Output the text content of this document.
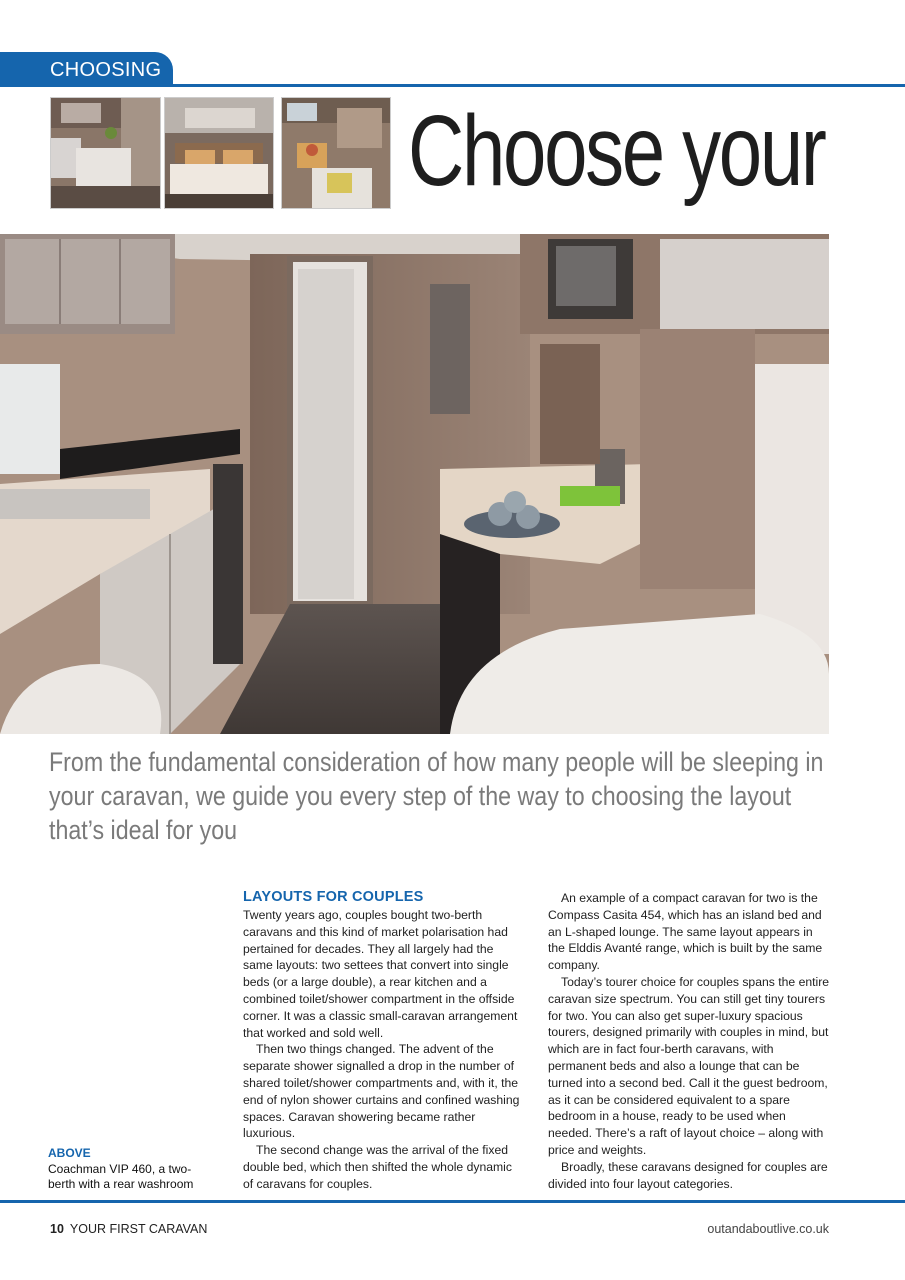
CHOOSING
Choose your
From the fundamental consideration of how many people will be sleeping in your caravan, we guide you every step of the way to choosing the layout that’s ideal for you
LAYOUTS FOR COUPLES

Twenty years ago, couples bought two-berth caravans and this kind of market polarisation had pertained for decades. They all largely had the same layouts: two settees that convert into single beds (or a large double), a rear kitchen and a combined toilet/shower compartment in the offside corner. It was a classic small-caravan arrangement that worked and sold well.

Then two things changed. The advent of the separate shower signalled a drop in the number of shared toilet/shower compartments and, with it, the end of nylon shower curtains and confined washing spaces. Caravan showering became rather luxurious.

The second change was the arrival of the fixed double bed, which then shifted the whole dynamic of caravans for couples.

An example of a compact caravan for two is the Compass Casita 454, which has an island bed and an L-shaped lounge. The same layout appears in the Elddis Avanté range, which is built by the same company.

Today’s tourer choice for couples spans the entire caravan size spectrum. You can still get tiny tourers for two. You can also get super-luxury spacious tourers, designed primarily with couples in mind, but which are in fact four-berth caravans, with permanent beds and also a lounge that can be turned into a second bed. Call it the guest bedroom, as it can be considered equivalent to a spare bedroom in a house, ready to be used when needed. There’s a raft of layout choice – along with price and weights.

Broadly, these caravans designed for couples are divided into four layout categories.

ABOVE
Coachman VIP 460, a two-berth with a rear washroom
10 YOUR FIRST CARAVAN	outandaboutlive.co.uk
